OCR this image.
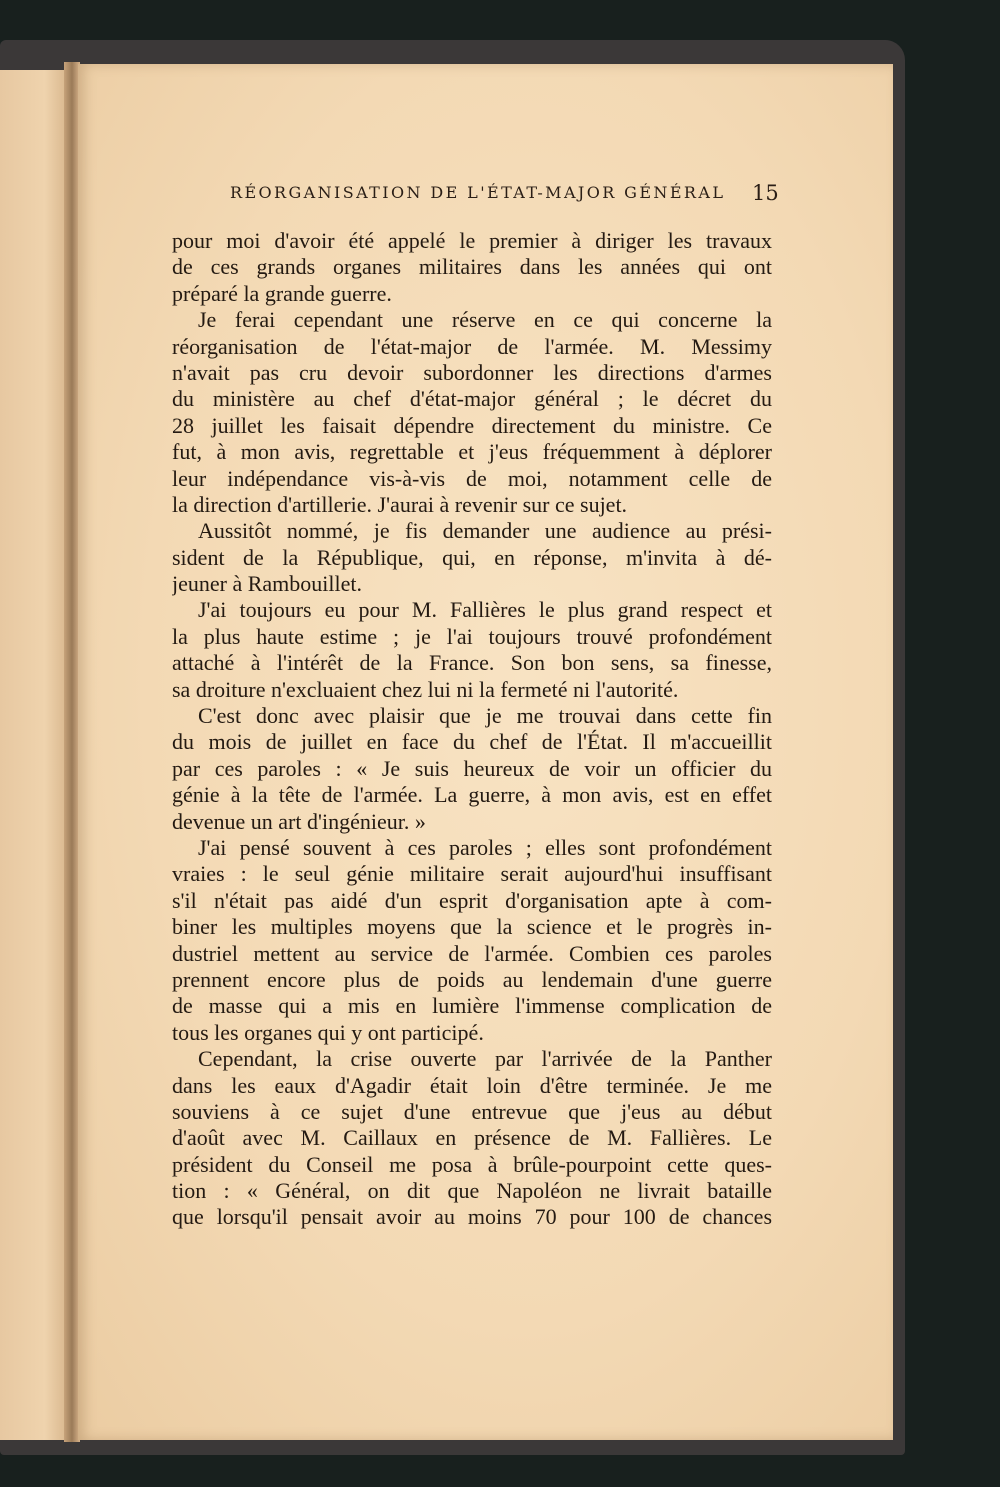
RÉORGANISATION DE L'ÉTAT-MAJOR GÉNÉRAL 15
pour moi d'avoir été appelé le premier à diriger les travaux
de ces grands organes militaires dans les années qui ont
préparé la grande guerre.
Je ferai cependant une réserve en ce qui concerne la
réorganisation de l'état-major de l'armée. M. Messimy
n'avait pas cru devoir subordonner les directions d'armes
du ministère au chef d'état-major général ; le décret du
28 juillet les faisait dépendre directement du ministre. Ce
fut, à mon avis, regrettable et j'eus fréquemment à déplorer
leur indépendance vis-à-vis de moi, notamment celle de
la direction d'artillerie. J'aurai à revenir sur ce sujet.
Aussitôt nommé, je fis demander une audience au prési-
sident de la République, qui, en réponse, m'invita à dé-
jeuner à Rambouillet.
J'ai toujours eu pour M. Fallières le plus grand respect et
la plus haute estime ; je l'ai toujours trouvé profondément
attaché à l'intérêt de la France. Son bon sens, sa finesse,
sa droiture n'excluaient chez lui ni la fermeté ni l'autorité.
C'est donc avec plaisir que je me trouvai dans cette fin
du mois de juillet en face du chef de l'État. Il m'accueillit
par ces paroles : « Je suis heureux de voir un officier du
génie à la tête de l'armée. La guerre, à mon avis, est en effet
devenue un art d'ingénieur. »
J'ai pensé souvent à ces paroles ; elles sont profondément
vraies : le seul génie militaire serait aujourd'hui insuffisant
s'il n'était pas aidé d'un esprit d'organisation apte à com-
biner les multiples moyens que la science et le progrès in-
dustriel mettent au service de l'armée. Combien ces paroles
prennent encore plus de poids au lendemain d'une guerre
de masse qui a mis en lumière l'immense complication de
tous les organes qui y ont participé.
Cependant, la crise ouverte par l'arrivée de la Panther
dans les eaux d'Agadir était loin d'être terminée. Je me
souviens à ce sujet d'une entrevue que j'eus au début
d'août avec M. Caillaux en présence de M. Fallières. Le
président du Conseil me posa à brûle-pourpoint cette ques-
tion : « Général, on dit que Napoléon ne livrait bataille
que lorsqu'il pensait avoir au moins 70 pour 100 de chances
